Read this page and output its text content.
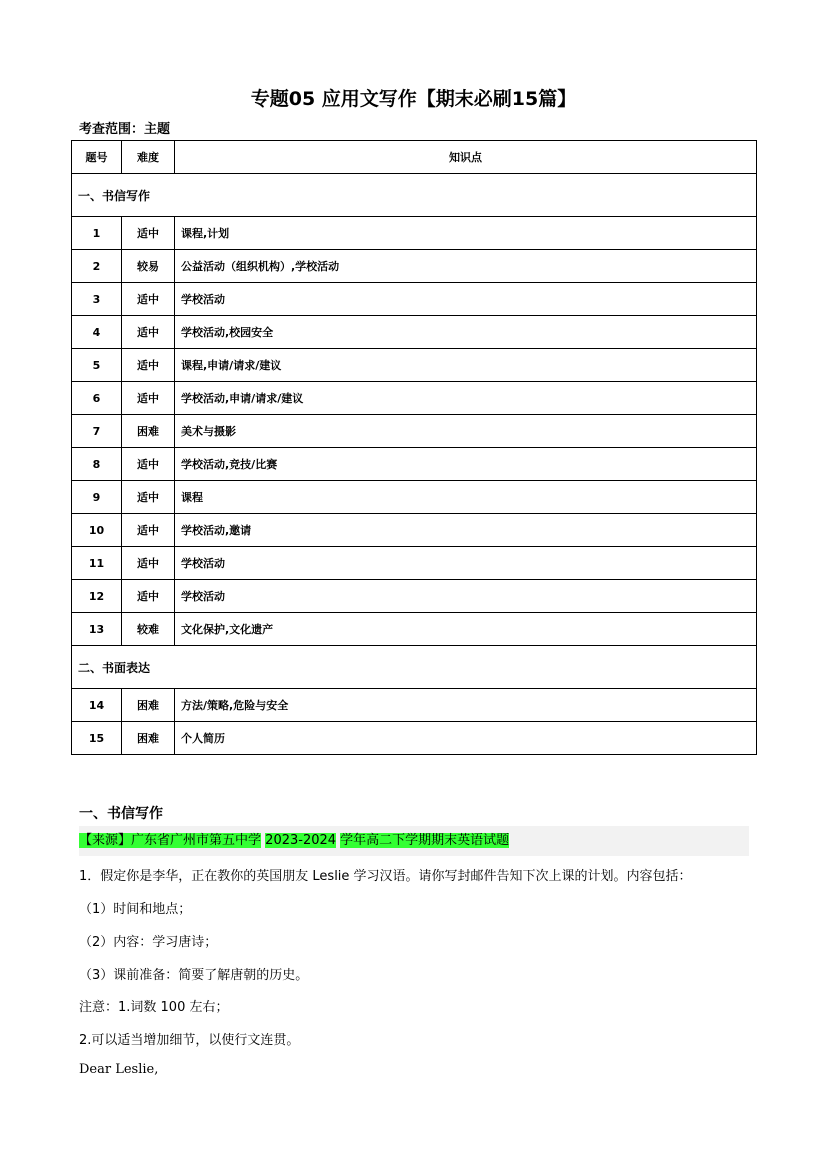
专题05 应用文写作【期末必刷15篇】
考查范围：主题
题号	难度	知识点
一、书信写作		
1	适中	课程,计划
2	较易	公益活动（组织机构）,学校活动
3	适中	学校活动
4	适中	学校活动,校园安全
5	适中	课程,申请/请求/建议
6	适中	学校活动,申请/请求/建议
7	困难	美术与摄影
8	适中	学校活动,竞技/比赛
9	适中	课程
10	适中	学校活动,邀请
11	适中	学校活动
12	适中	学校活动
13	较难	文化保护,文化遗产
二、书面表达		
14	困难	方法/策略,危险与安全
15	困难	个人简历
一、书信写作
【来源】广东省广州市第五中学 2023-2024 学年高二下学期期末英语试题
1．假定你是李华，正在教你的英国朋友 Leslie 学习汉语。请你写封邮件告知下次上课的计划。内容包括：
（1）时间和地点；
（2）内容：学习唐诗；
（3）课前准备：简要了解唐朝的历史。
注意：1.词数 100 左右；
2.可以适当增加细节，以使行文连贯。
Dear Leslie,
